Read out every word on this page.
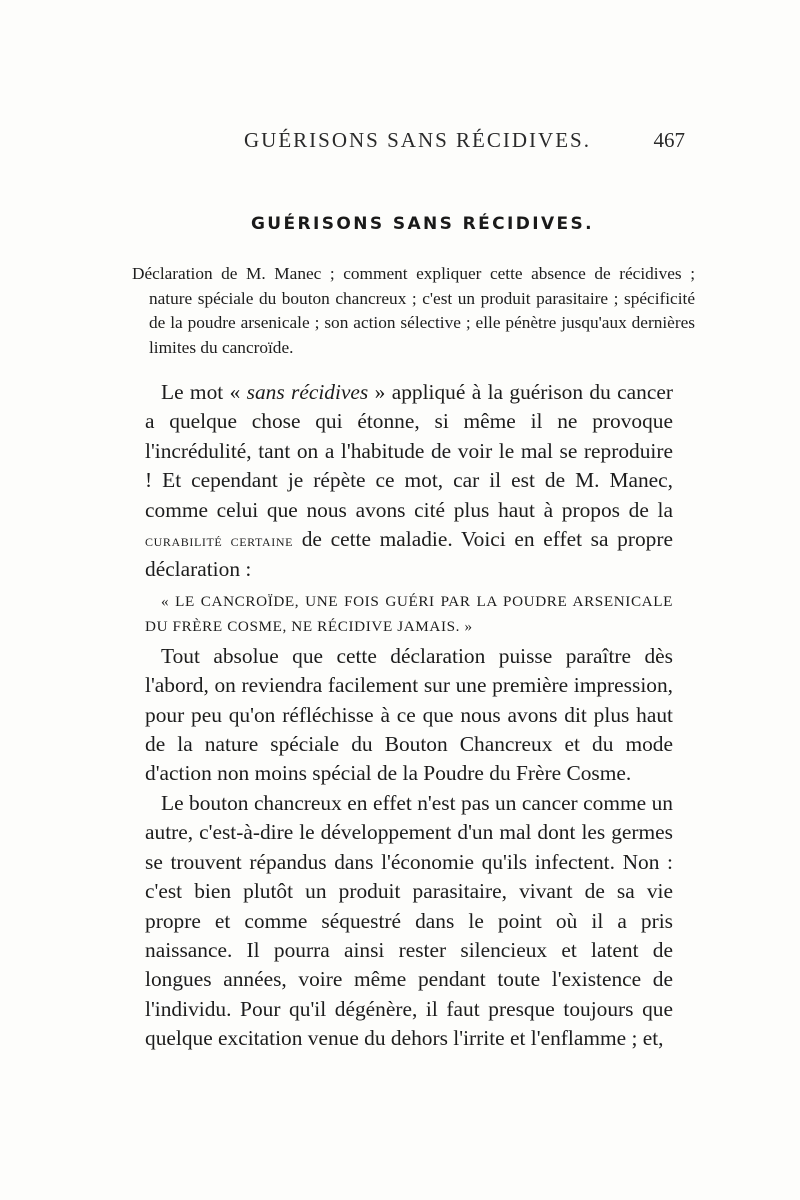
GUÉRISONS SANS RÉCIDIVES.	467
GUÉRISONS SANS RÉCIDIVES.

Déclaration de M. Manec ; comment expliquer cette absence de récidives ; nature spéciale du bouton chancreux ; c'est un produit parasitaire ; spécificité de la poudre arsenicale ; son action sélective ; elle pénètre jusqu'aux dernières limites du cancroïde.

Le mot « sans récidives » appliqué à la guérison du cancer a quelque chose qui étonne, si même il ne provoque l'incrédulité, tant on a l'habitude de voir le mal se reproduire ! Et cependant je répète ce mot, car il est de M. Manec, comme celui que nous avons cité plus haut à propos de la curabilité certaine de cette maladie. Voici en effet sa propre déclaration :

« LE CANCROÏDE, UNE FOIS GUÉRI PAR LA POUDRE ARSENICALE DU FRÈRE COSME, NE RÉCIDIVE JAMAIS. »

Tout absolue que cette déclaration puisse paraître dès l'abord, on reviendra facilement sur une première impression, pour peu qu'on réfléchisse à ce que nous avons dit plus haut de la nature spéciale du Bouton Chancreux et du mode d'action non moins spécial de la Poudre du Frère Cosme.

Le bouton chancreux en effet n'est pas un cancer comme un autre, c'est-à-dire le développement d'un mal dont les germes se trouvent répandus dans l'économie qu'ils infectent. Non : c'est bien plutôt un produit parasitaire, vivant de sa vie propre et comme séquestré dans le point où il a pris naissance. Il pourra ainsi rester silencieux et latent de longues années, voire même pendant toute l'existence de l'individu. Pour qu'il dégénère, il faut presque toujours que quelque excitation venue du dehors l'irrite et l'enflamme ; et,
